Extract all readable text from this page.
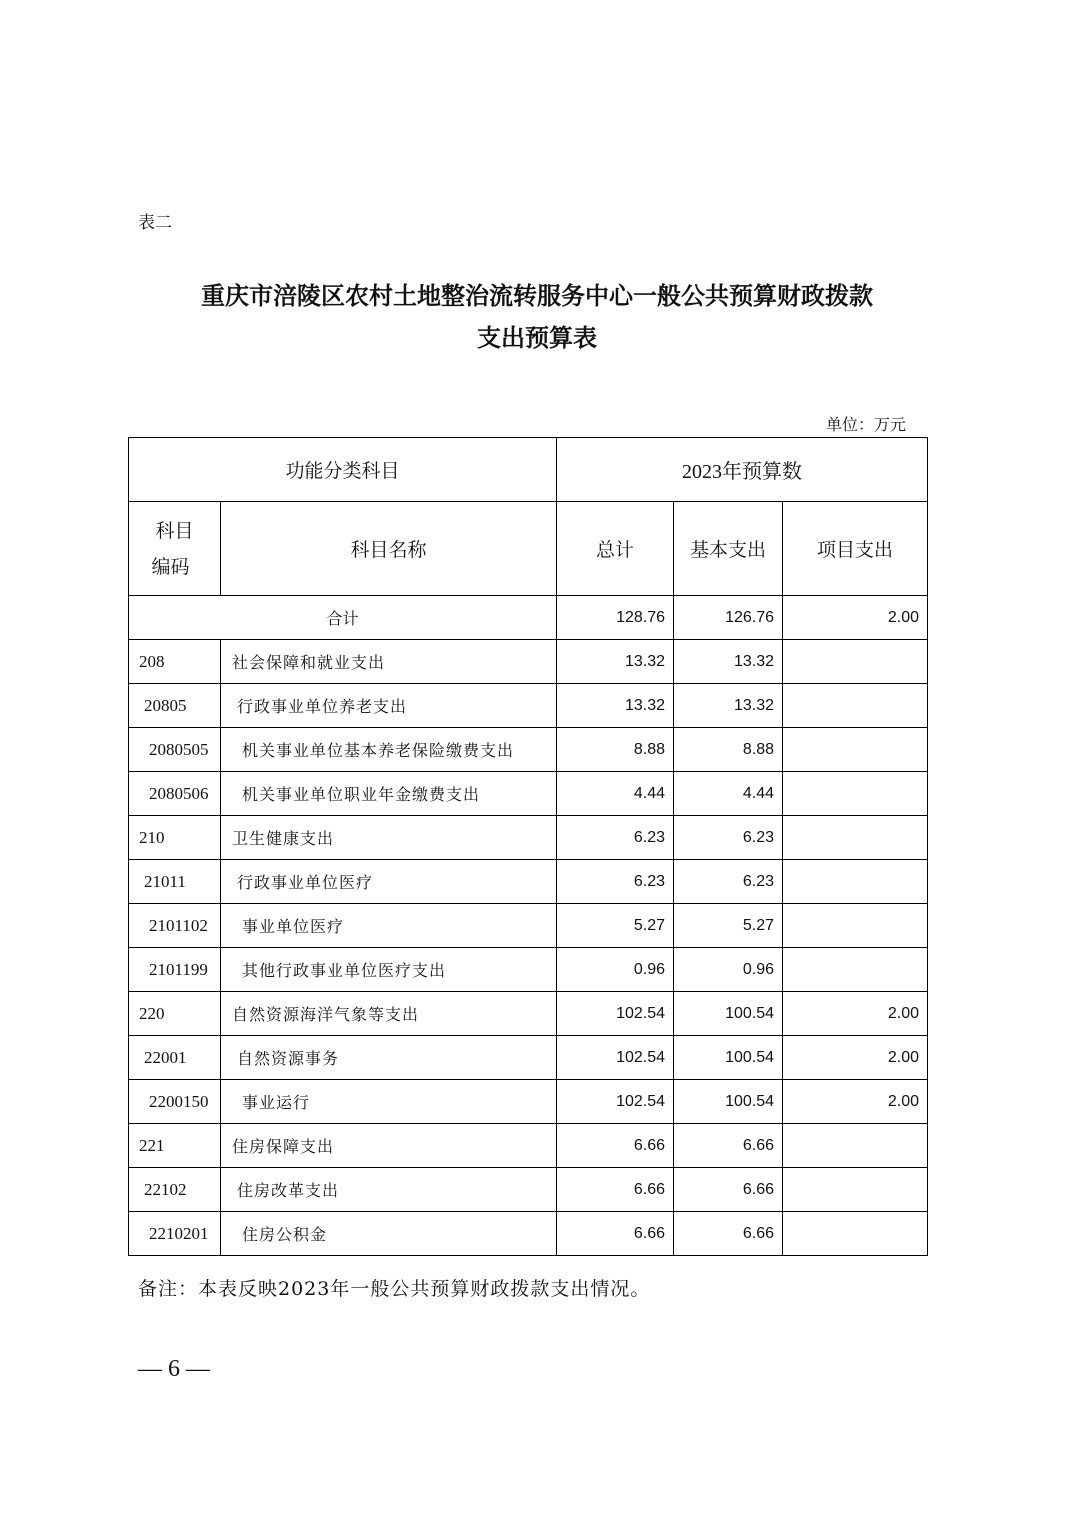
表二
重庆市涪陵区农村土地整治流转服务中心一般公共预算财政拨款
支出预算表
单位：万元
功能分类科目		2023年预算数		

科目
编码	科目名称	总计	基本支出	项目支出
合计		128.76	126.76	2.00
208	社会保障和就业支出	13.32	13.32	
20805	行政事业单位养老支出	13.32	13.32	
2080505	机关事业单位基本养老保险缴费支出	8.88	8.88	
2080506	机关事业单位职业年金缴费支出	4.44	4.44	
210	卫生健康支出	6.23	6.23	
21011	行政事业单位医疗	6.23	6.23	
2101102	事业单位医疗	5.27	5.27	
2101199	其他行政事业单位医疗支出	0.96	0.96	
220	自然资源海洋气象等支出	102.54	100.54	2.00
22001	自然资源事务	102.54	100.54	2.00
2200150	事业运行	102.54	100.54	2.00
221	住房保障支出	6.66	6.66	
22102	住房改革支出	6.66	6.66	
2210201	住房公积金	6.66	6.66	
备注：本表反映2023年一般公共预算财政拨款支出情况。
— 6 —
